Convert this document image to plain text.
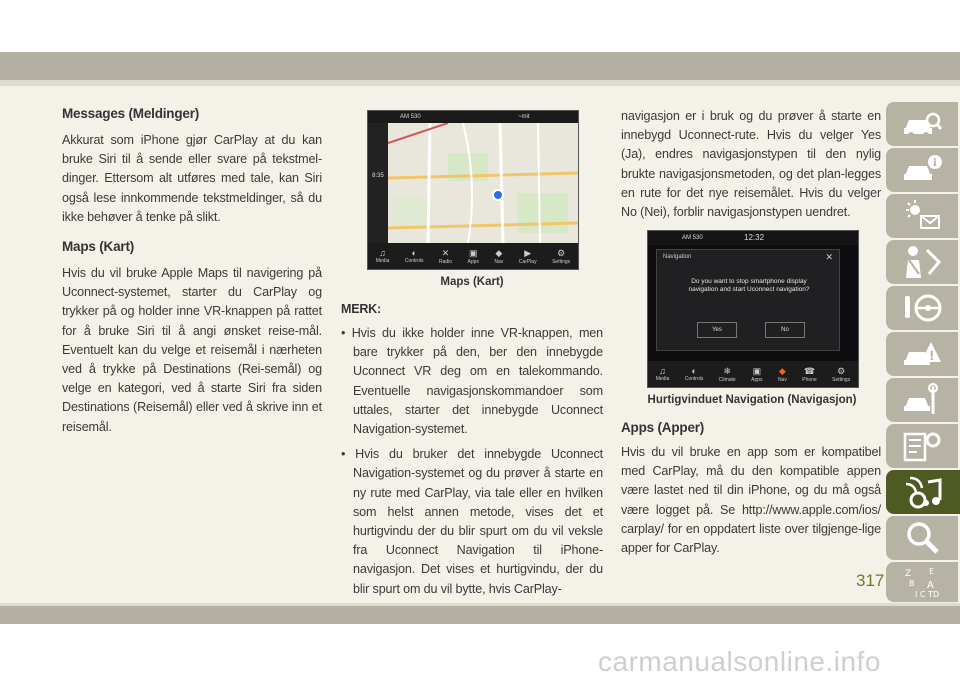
Messages (Meldinger)

Akkurat som iPhone gjør CarPlay at du kan bruke Siri til å sende eller svare på tekstmel-dinger. Ettersom alt utføres med tale, kan Siri også lese innkommende tekstmeldinger, så du ikke behøver å tenke på slikt.

Maps (Kart)

Hvis du vil bruke Apple Maps til navigering på Uconnect-systemet, starter du CarPlay og trykker på og holder inne VR-knappen på rattet for å bruke Siri til å angi ønsket reise-mål. Eventuelt kan du velge et reisemål i nærheten ved å trykke på Destinations (Rei-semål) og velge en kategori, ved å starte Siri fra siden Destinations (Reisemål) eller ved å skrive inn et reisemål.

AM 530	~mit
8:35
♫
Media
◐
Controls
✕
Radio
▣
Apps
◆
Nav
▶
CarPlay
⚙
Settings
Maps (Kart)
MERK:

• Hvis du ikke holder inne VR-knappen, men bare trykker på den, ber den innebygde Uconnect VR deg om en talekommando. Eventuelle navigasjonskommandoer som uttales, starter det innebygde Uconnect Navigation-systemet.

• Hvis du bruker det innebygde Uconnect Navigation-systemet og du prøver å starte en ny rute med CarPlay, via tale eller en hvilken som helst annen metode, vises det et hurtigvindu der du blir spurt om du vil veksle fra Uconnect Navigation til iPhone-navigasjon. Det vises et hurtigvindu, der du blir spurt om du vil bytte, hvis CarPlay-

navigasjon er i bruk og du prøver å starte en innebygd Uconnect-rute. Hvis du velger Yes (Ja), endres navigasjonstypen til den nylig brukte navigasjonsmetoden, og det plan-legges en rute for det nye reisemålet. Hvis du velger No (Nei), forblir navigasjonstypen uendret.

AM 530	12:32
Navigation	✕
Do you want to stop smartphone display navigation and start Uconnect navigation?
Yes	No
♫
Media
◐
Controls
❄
Climate
▣
Apps
◆
Nav
☎
Phone
⚙
Settings
Hurtigvinduet Navigation (Navigasjon)
Apps (Apper)

Hvis du vil bruke en app som er kompatibel med CarPlay, må du den kompatible appen være lastet ned til din iPhone, og du må også være logget på. Se http://www.apple.com/ios/ carplay/ for en oppdatert liste over tilgjenge-lige apper for CarPlay.

i
!
Z E
B A
I C T D
317
carmanualsonline.info
